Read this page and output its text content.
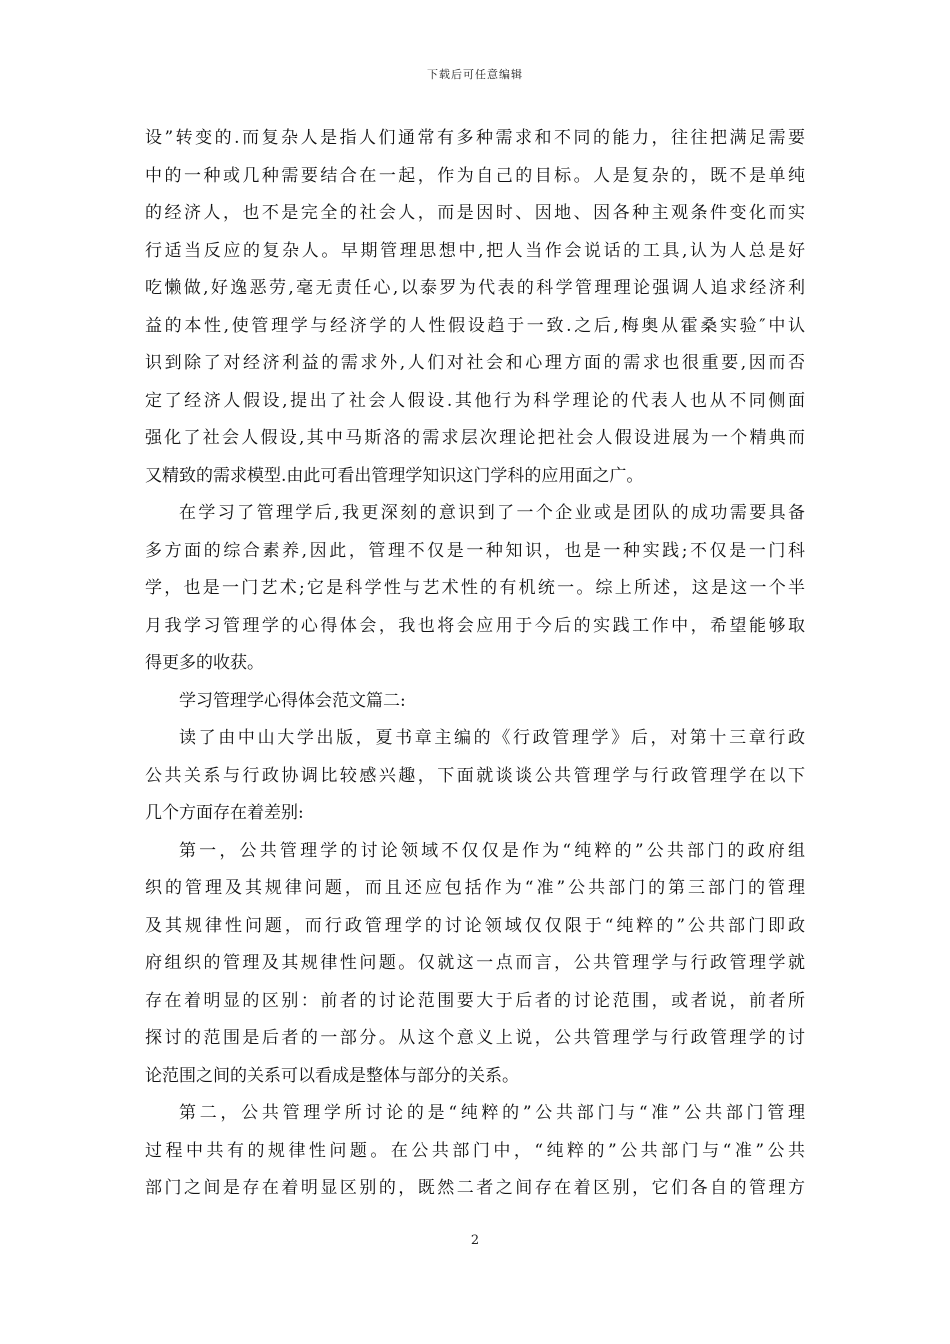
下载后可任意编辑
设”转变的.而复杂人是指人们通常有多种需求和不同的能力，往往把满足需要
中的一种或几种需要结合在一起，作为自己的目标。人是复杂的，既不是单纯
的经济人，也不是完全的社会人，而是因时、因地、因各种主观条件变化而实
行适当反应的复杂人。早期管理思想中,把人当作会说话的工具,认为人总是好
吃懒做,好逸恶劳,毫无责任心,以泰罗为代表的科学管理理论强调人追求经济利
益的本性,使管理学与经济学的人性假设趋于一致.之后,梅奥从霍桑实验″中认
识到除了对经济利益的需求外,人们对社会和心理方面的需求也很重要,因而否
定了经济人假设,提出了社会人假设.其他行为科学理论的代表人也从不同侧面
强化了社会人假设,其中马斯洛的需求层次理论把社会人假设进展为一个精典而
又精致的需求模型.由此可看出管理学知识这门学科的应用面之广。
在学习了管理学后,我更深刻的意识到了一个企业或是团队的成功需要具备
多方面的综合素养,因此，管理不仅是一种知识，也是一种实践;不仅是一门科
学，也是一门艺术;它是科学性与艺术性的有机统一。综上所述，这是这一个半
月我学习管理学的心得体会，我也将会应用于今后的实践工作中，希望能够取
得更多的收获。
学习管理学心得体会范文篇二:
读了由中山大学出版，夏书章主编的《行政管理学》后，对第十三章行政
公共关系与行政协调比较感兴趣，下面就谈谈公共管理学与行政管理学在以下
几个方面存在着差别:
第一，公共管理学的讨论领域不仅仅是作为“纯粹的”公共部门的政府组
织的管理及其规律问题，而且还应包括作为“准”公共部门的第三部门的管理
及其规律性问题，而行政管理学的讨论领域仅仅限于“纯粹的”公共部门即政
府组织的管理及其规律性问题。仅就这一点而言，公共管理学与行政管理学就
存在着明显的区别：前者的讨论范围要大于后者的讨论范围，或者说，前者所
探讨的范围是后者的一部分。从这个意义上说，公共管理学与行政管理学的讨
论范围之间的关系可以看成是整体与部分的关系。
第二，公共管理学所讨论的是“纯粹的”公共部门与“准”公共部门管理
过程中共有的规律性问题。在公共部门中，“纯粹的”公共部门与“准”公共
部门之间是存在着明显区别的，既然二者之间存在着区别，它们各自的管理方
2
